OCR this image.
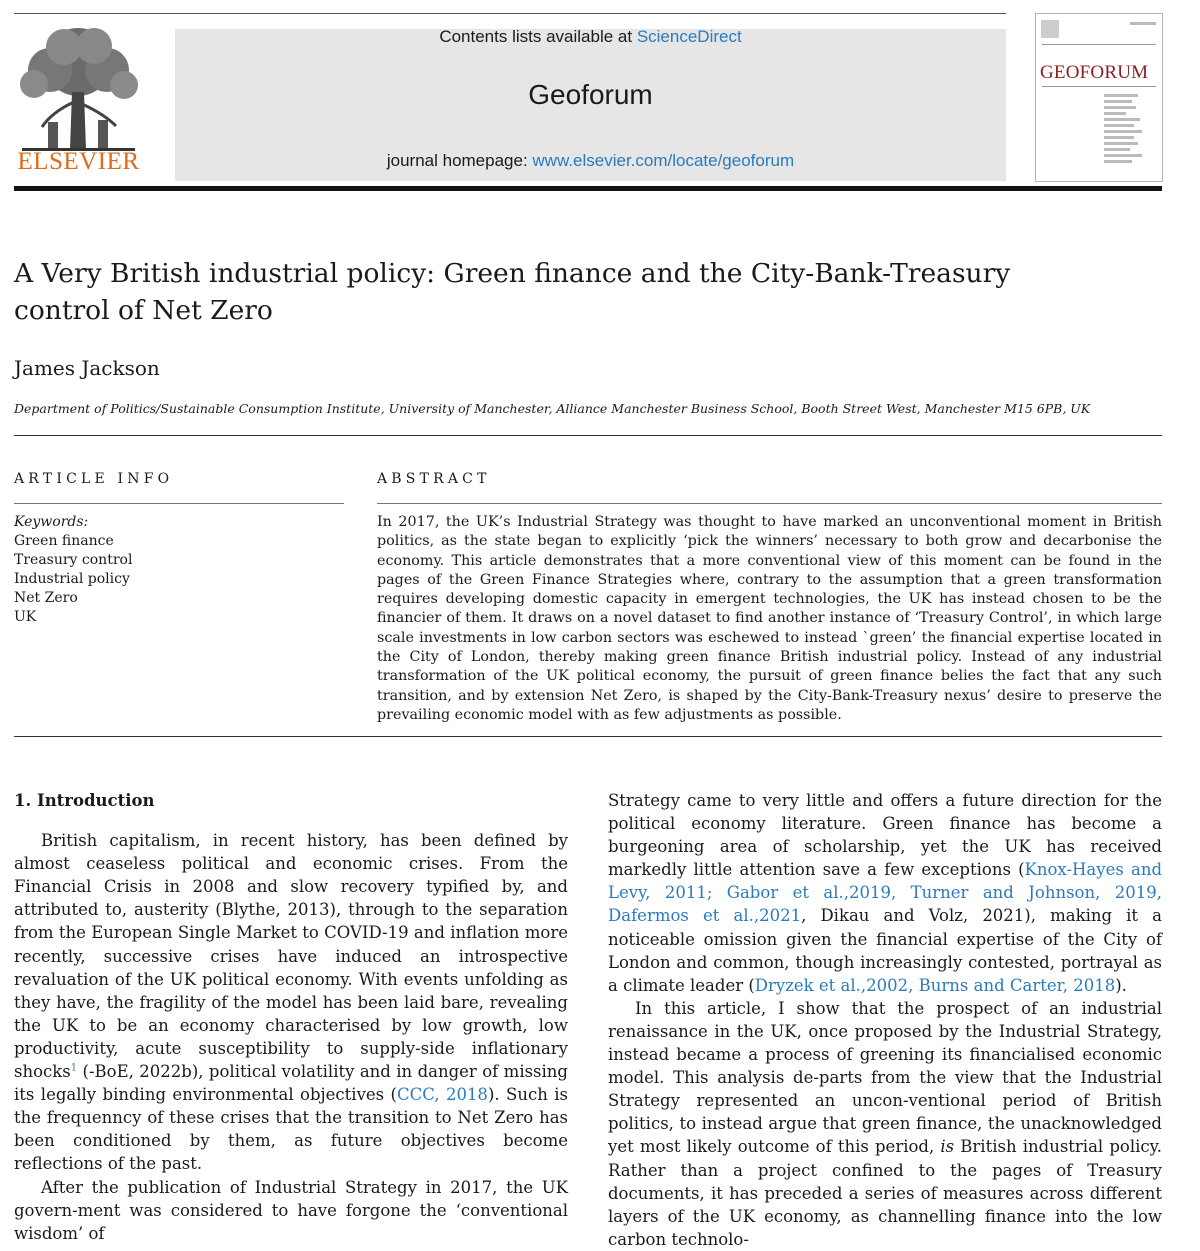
ELSEVIER
Contents lists available at ScienceDirect
Geoforum
journal homepage: www.elsevier.com/locate/geoforum
GEOFORUM
A Very British industrial policy: Green finance and the City-Bank-Treasury control of Net Zero
James Jackson
Department of Politics/Sustainable Consumption Institute, University of Manchester, Alliance Manchester Business School, Booth Street West, Manchester M15 6PB, UK
ARTICLE INFO	ABSTRACT
Keywords:
Green finance
Treasury control
Industrial policy
Net Zero
UK
In 2017, the UK’s Industrial Strategy was thought to have marked an unconventional moment in British politics, as the state began to explicitly ‘pick the winners’ necessary to both grow and decarbonise the economy. This article demonstrates that a more conventional view of this moment can be found in the pages of the Green Finance Strategies where, contrary to the assumption that a green transformation requires developing domestic capacity in emergent technologies, the UK has instead chosen to be the financier of them. It draws on a novel dataset to find another instance of ‘Treasury Control’, in which large scale investments in low carbon sectors was eschewed to instead `green’ the financial expertise located in the City of London, thereby making green finance British industrial policy. Instead of any industrial transformation of the UK political economy, the pursuit of green finance belies the fact that any such transition, and by extension Net Zero, is shaped by the City-Bank-Treasury nexus’ desire to preserve the prevailing economic model with as few adjustments as possible.
1. Introduction

British capitalism, in recent history, has been defined by almost ceaseless political and economic crises. From the Financial Crisis in 2008 and slow recovery typified by, and attributed to, austerity (Blythe, 2013), through to the separation from the European Single Market to COVID-19 and inflation more recently, successive crises have induced an introspective revaluation of the UK political economy. With events unfolding as they have, the fragility of the model has been laid bare, revealing the UK to be an economy characterised by low growth, low productivity, acute susceptibility to supply-side inflationary shocks$^1$ (-BoE, 2022b), political volatility and in danger of missing its legally binding environmental objectives (CCC, 2018). Such is the frequenncy of these crises that the transition to Net Zero has been conditioned by them, as future objectives become reflections of the past.

After the publication of Industrial Strategy in 2017, the UK govern-ment was considered to have forgone the ‘conventional wisdom’ of

Strategy came to very little and offers a future direction for the political economy literature. Green finance has become a burgeoning area of scholarship, yet the UK has received markedly little attention save a few exceptions (Knox-Hayes and Levy, 2011; Gabor et al.,2019, Turner and Johnson, 2019, Dafermos et al.,2021, Dikau and Volz, 2021), making it a noticeable omission given the financial expertise of the City of London and common, though increasingly contested, portrayal as a climate leader (Dryzek et al.,2002, Burns and Carter, 2018).

In this article, I show that the prospect of an industrial renaissance in the UK, once proposed by the Industrial Strategy, instead became a process of greening its financialised economic model. This analysis de-parts from the view that the Industrial Strategy represented an uncon-ventional period of British politics, to instead argue that green finance, the unacknowledged yet most likely outcome of this period, is British industrial policy. Rather than a project confined to the pages of Treasury documents, it has preceded a series of measures across different layers of the UK economy, as channelling finance into the low carbon technolo-
